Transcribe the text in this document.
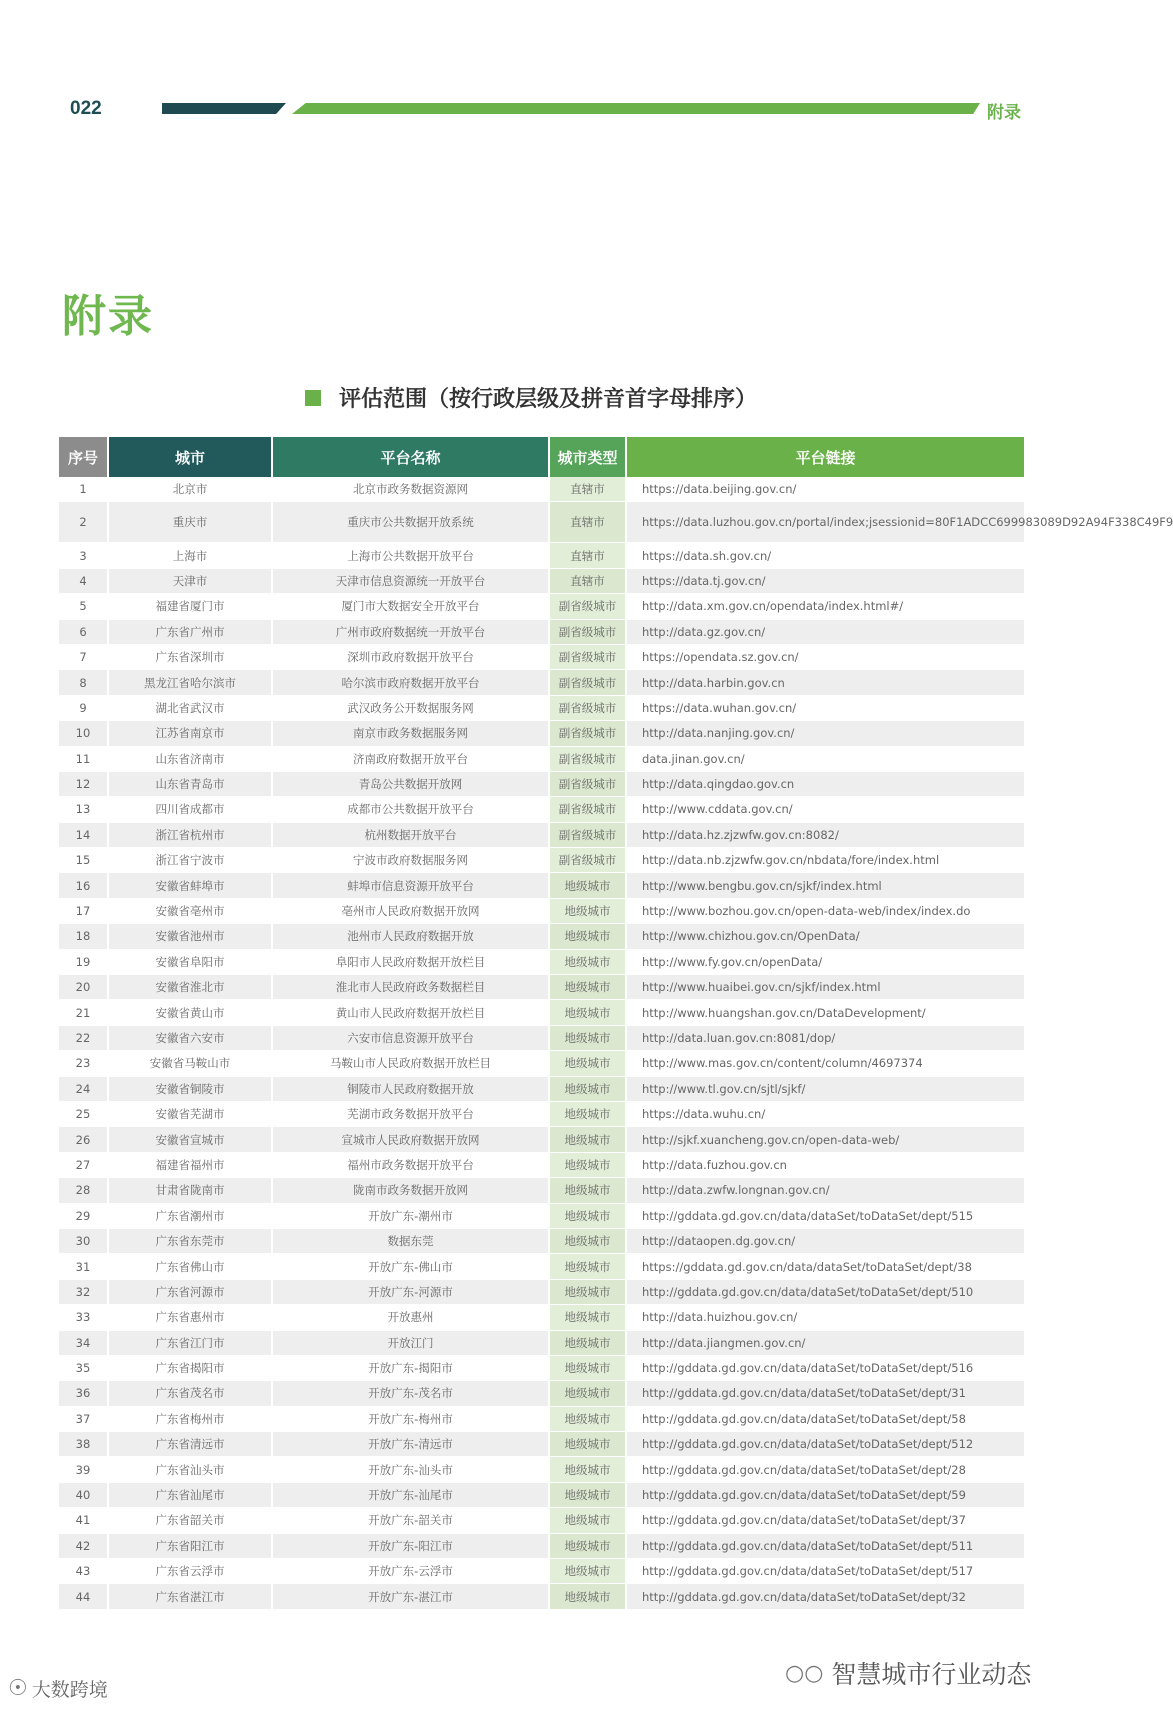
022	附录
附录
评估范围（按行政层级及拼音首字母排序）
序号	城市	平台名称	城市类型	平台链接
1	北京市	北京市政务数据资源网	直辖市	https://data.beijing.gov.cn/
2	重庆市	重庆市公共数据开放系统	直辖市	https://data.luzhou.gov.cn/portal/index;jsessionid=80F1ADCC699983089D92A94F338C49F9
3	上海市	上海市公共数据开放平台	直辖市	https://data.sh.gov.cn/
4	天津市	天津市信息资源统一开放平台	直辖市	https://data.tj.gov.cn/
5	福建省厦门市	厦门市大数据安全开放平台	副省级城市	http://data.xm.gov.cn/opendata/index.html#/
6	广东省广州市	广州市政府数据统一开放平台	副省级城市	http://data.gz.gov.cn/
7	广东省深圳市	深圳市政府数据开放平台	副省级城市	https://opendata.sz.gov.cn/
8	黑龙江省哈尔滨市	哈尔滨市政府数据开放平台	副省级城市	http://data.harbin.gov.cn
9	湖北省武汉市	武汉政务公开数据服务网	副省级城市	https://data.wuhan.gov.cn/
10	江苏省南京市	南京市政务数据服务网	副省级城市	http://data.nanjing.gov.cn/
11	山东省济南市	济南政府数据开放平台	副省级城市	data.jinan.gov.cn/
12	山东省青岛市	青岛公共数据开放网	副省级城市	http://data.qingdao.gov.cn
13	四川省成都市	成都市公共数据开放平台	副省级城市	http://www.cddata.gov.cn/
14	浙江省杭州市	杭州数据开放平台	副省级城市	http://data.hz.zjzwfw.gov.cn:8082/
15	浙江省宁波市	宁波市政府数据服务网	副省级城市	http://data.nb.zjzwfw.gov.cn/nbdata/fore/index.html
16	安徽省蚌埠市	蚌埠市信息资源开放平台	地级城市	http://www.bengbu.gov.cn/sjkf/index.html
17	安徽省亳州市	亳州市人民政府数据开放网	地级城市	http://www.bozhou.gov.cn/open-data-web/index/index.do
18	安徽省池州市	池州市人民政府数据开放	地级城市	http://www.chizhou.gov.cn/OpenData/
19	安徽省阜阳市	阜阳市人民政府数据开放栏目	地级城市	http://www.fy.gov.cn/openData/
20	安徽省淮北市	淮北市人民政府政务数据栏目	地级城市	http://www.huaibei.gov.cn/sjkf/index.html
21	安徽省黄山市	黄山市人民政府数据开放栏目	地级城市	http://www.huangshan.gov.cn/DataDevelopment/
22	安徽省六安市	六安市信息资源开放平台	地级城市	http://data.luan.gov.cn:8081/dop/
23	安徽省马鞍山市	马鞍山市人民政府数据开放栏目	地级城市	http://www.mas.gov.cn/content/column/4697374
24	安徽省铜陵市	铜陵市人民政府数据开放	地级城市	http://www.tl.gov.cn/sjtl/sjkf/
25	安徽省芜湖市	芜湖市政务数据开放平台	地级城市	https://data.wuhu.cn/
26	安徽省宣城市	宣城市人民政府数据开放网	地级城市	http://sjkf.xuancheng.gov.cn/open-data-web/
27	福建省福州市	福州市政务数据开放平台	地级城市	http://data.fuzhou.gov.cn
28	甘肃省陇南市	陇南市政务数据开放网	地级城市	http://data.zwfw.longnan.gov.cn/
29	广东省潮州市	开放广东-潮州市	地级城市	http://gddata.gd.gov.cn/data/dataSet/toDataSet/dept/515
30	广东省东莞市	数据东莞	地级城市	http://dataopen.dg.gov.cn/
31	广东省佛山市	开放广东-佛山市	地级城市	https://gddata.gd.gov.cn/data/dataSet/toDataSet/dept/38
32	广东省河源市	开放广东-河源市	地级城市	http://gddata.gd.gov.cn/data/dataSet/toDataSet/dept/510
33	广东省惠州市	开放惠州	地级城市	http://data.huizhou.gov.cn/
34	广东省江门市	开放江门	地级城市	http://data.jiangmen.gov.cn/
35	广东省揭阳市	开放广东-揭阳市	地级城市	http://gddata.gd.gov.cn/data/dataSet/toDataSet/dept/516
36	广东省茂名市	开放广东-茂名市	地级城市	http://gddata.gd.gov.cn/data/dataSet/toDataSet/dept/31
37	广东省梅州市	开放广东-梅州市	地级城市	http://gddata.gd.gov.cn/data/dataSet/toDataSet/dept/58
38	广东省清远市	开放广东-清远市	地级城市	http://gddata.gd.gov.cn/data/dataSet/toDataSet/dept/512
39	广东省汕头市	开放广东-汕头市	地级城市	http://gddata.gd.gov.cn/data/dataSet/toDataSet/dept/28
40	广东省汕尾市	开放广东-汕尾市	地级城市	http://gddata.gd.gov.cn/data/dataSet/toDataSet/dept/59
41	广东省韶关市	开放广东-韶关市	地级城市	http://gddata.gd.gov.cn/data/dataSet/toDataSet/dept/37
42	广东省阳江市	开放广东-阳江市	地级城市	http://gddata.gd.gov.cn/data/dataSet/toDataSet/dept/511
43	广东省云浮市	开放广东-云浮市	地级城市	http://gddata.gd.gov.cn/data/dataSet/toDataSet/dept/517
44	广东省湛江市	开放广东-湛江市	地级城市	http://gddata.gd.gov.cn/data/dataSet/toDataSet/dept/32
○○ 智慧城市行业动态
☉ 大数跨境
